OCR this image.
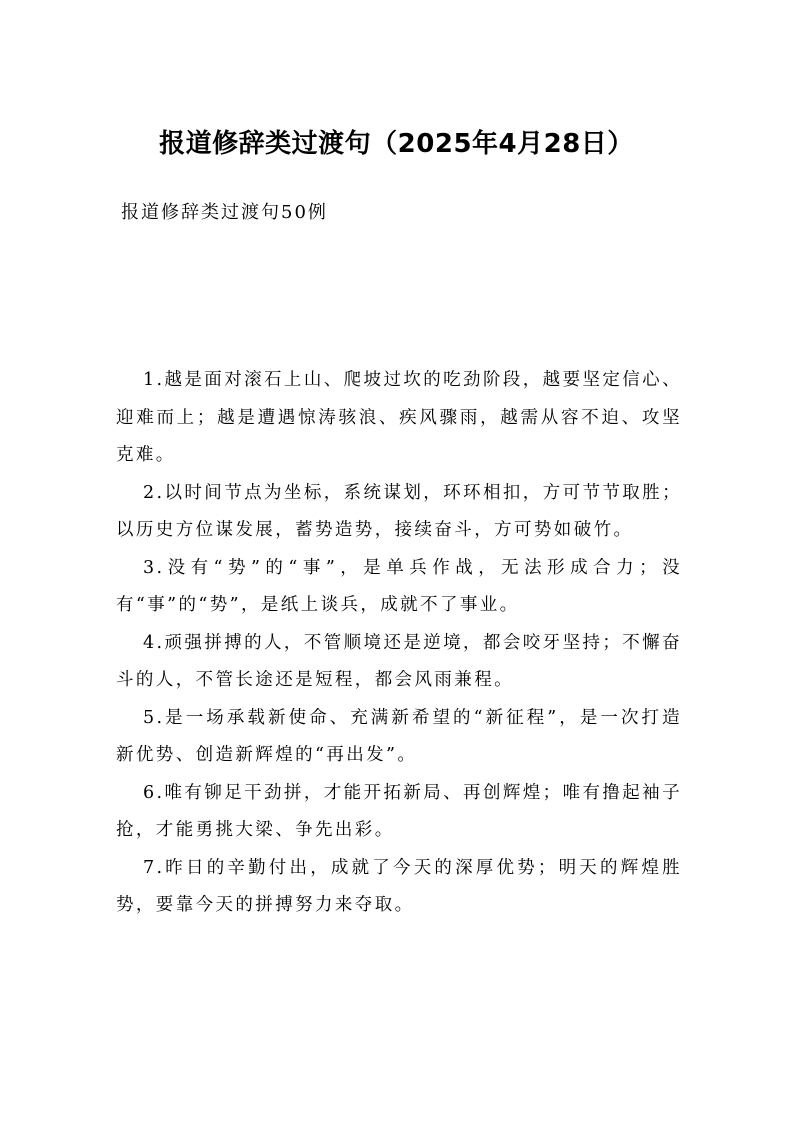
报道修辞类过渡句（2025年4月28日）
报道修辞类过渡句50例

1.越是面对滚石上山、爬坡过坎的吃劲阶段，越要坚定信心、迎难而上；越是遭遇惊涛骇浪、疾风骤雨，越需从容不迫、攻坚克难。

2.以时间节点为坐标，系统谋划，环环相扣，方可节节取胜；以历史方位谋发展，蓄势造势，接续奋斗，方可势如破竹。

3.没有“势”的“事”，是单兵作战，无法形成合力；没有“事”的“势”，是纸上谈兵，成就不了事业。

4.顽强拼搏的人，不管顺境还是逆境，都会咬牙坚持；不懈奋斗的人，不管长途还是短程，都会风雨兼程。

5.是一场承载新使命、充满新希望的“新征程”，是一次打造新优势、创造新辉煌的“再出发”。

6.唯有铆足干劲拼，才能开拓新局、再创辉煌；唯有撸起袖子抢，才能勇挑大梁、争先出彩。

7.昨日的辛勤付出，成就了今天的深厚优势；明天的辉煌胜势，要靠今天的拼搏努力来夺取。
